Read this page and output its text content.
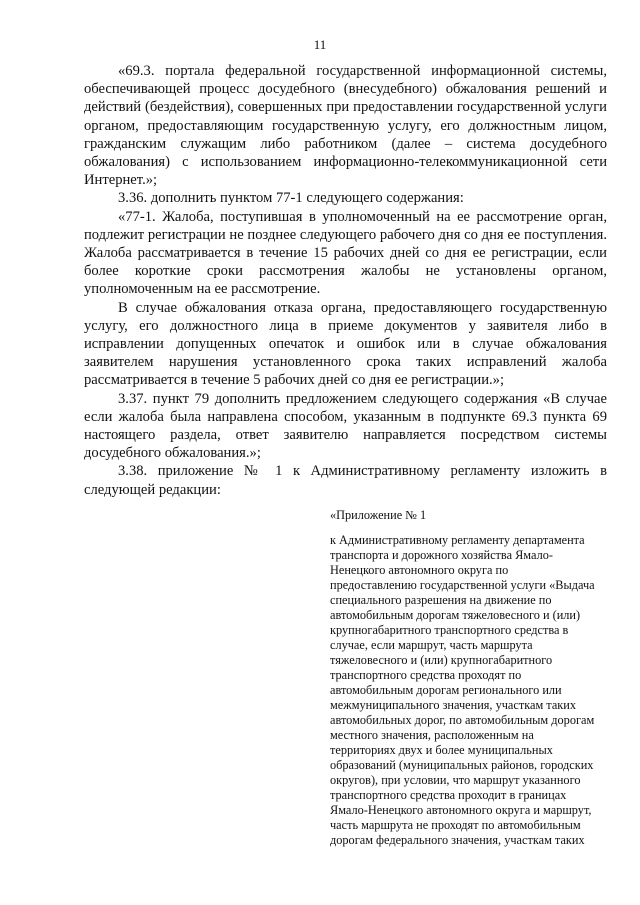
11

«69.3. портала федеральной государственной информационной системы, обеспечивающей процесс досудебного (внесудебного) обжалования решений и действий (бездействия), совершенных при предоставлении государственной услуги органом, предоставляющим государственную услугу, его должностным лицом, гражданским служащим либо работником (далее – система досудебного обжалования) с использованием информационно-телекоммуникационной сети Интернет.»;

3.36. дополнить пунктом 77-1 следующего содержания:

«77-1. Жалоба, поступившая в уполномоченный на ее рассмотрение орган, подлежит регистрации не позднее следующего рабочего дня со дня ее поступления. Жалоба рассматривается в течение 15 рабочих дней со дня ее регистрации, если более короткие сроки рассмотрения жалобы не установлены органом, уполномоченным на ее рассмотрение.

В случае обжалования отказа органа, предоставляющего государственную услугу, его должностного лица в приеме документов у заявителя либо в исправлении допущенных опечаток и ошибок или в случае обжалования заявителем нарушения установленного срока таких исправлений жалоба рассматривается в течение 5 рабочих дней со дня ее регистрации.»;

3.37. пункт 79 дополнить предложением следующего содержания «В случае если жалоба была направлена способом, указанным в подпункте 69.3 пункта 69 настоящего раздела, ответ заявителю направляется посредством системы досудебного обжалования.»;

3.38. приложение № 1 к Административному регламенту изложить в следующей редакции:

«Приложение № 1

к Административному регламенту департамента транспорта и дорожного хозяйства Ямало-Ненецкого автономного округа по предоставлению государственной услуги «Выдача специального разрешения на движение по автомобильным дорогам тяжеловесного и (или) крупногабаритного транспортного средства в случае, если маршрут, часть маршрута тяжеловесного и (или) крупногабаритного транспортного средства проходят по автомобильным дорогам регионального или межмуниципального значения, участкам таких автомобильных дорог, по автомобильным дорогам местного значения, расположенным на территориях двух и более муниципальных образований (муниципальных районов, городских округов), при условии, что маршрут указанного транспортного средства проходит в границах Ямало-Ненецкого автономного округа и маршрут, часть маршрута не проходят по автомобильным дорогам федерального значения, участкам таких
